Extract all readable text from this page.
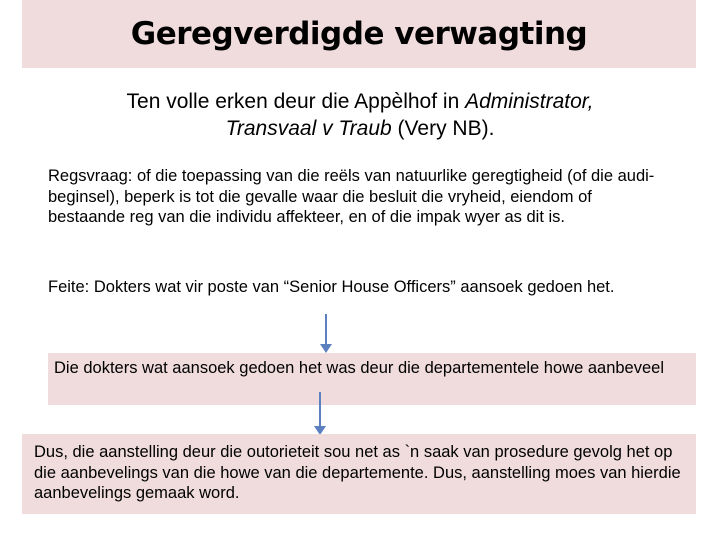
Geregverdigde verwagting
Ten volle erken deur die Appèlhof in Administrator,
Transvaal v Traub (Very NB).
Regsvraag: of die toepassing van die reëls van natuurlike geregtigheid (of die audi-beginsel), beperk is tot die gevalle waar die besluit die vryheid, eiendom of bestaande reg van die individu affekteer, en of die impak wyer as dit is.
Feite: Dokters wat vir poste van “Senior House Officers” aansoek gedoen het.
Die dokters wat aansoek gedoen het was deur die departementele howe aanbeveel
Dus, die aanstelling deur die outorieteit sou net as `n saak van prosedure gevolg het op die aanbevelings van die howe van die departemente. Dus, aanstelling moes van hierdie aanbevelings gemaak word.
